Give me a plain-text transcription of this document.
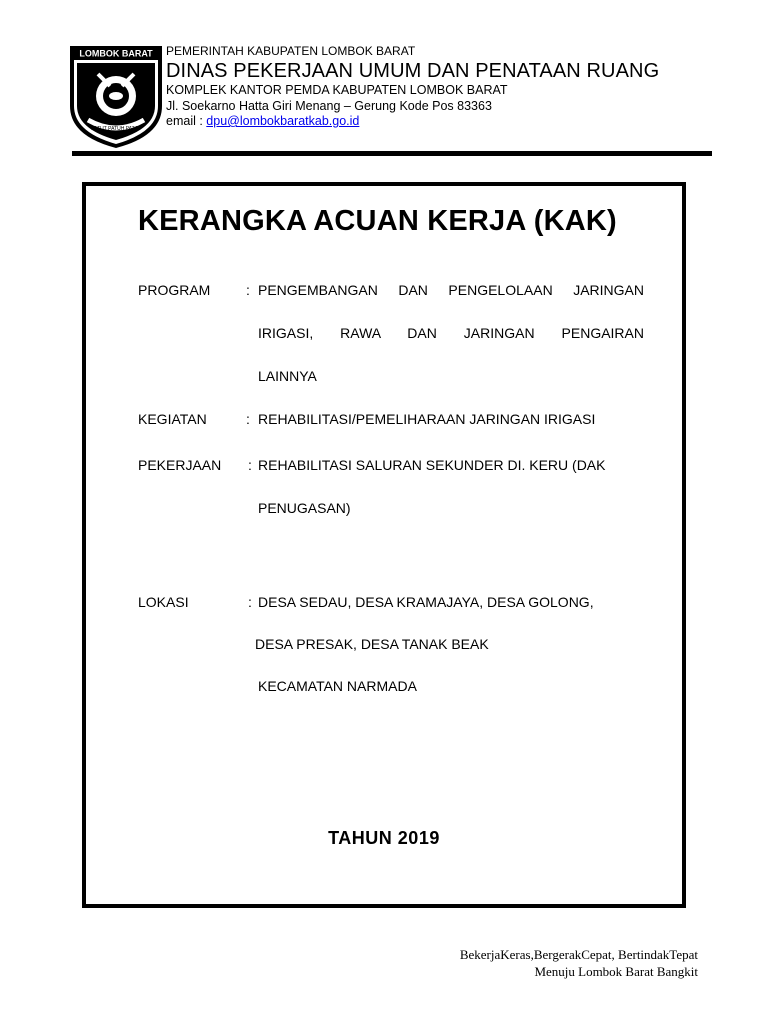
LOMBOK BARAT
PATUT PATUH PATJU
PEMERINTAH KABUPATEN LOMBOK BARAT
DINAS PEKERJAAN UMUM DAN PENATAAN RUANG
KOMPLEK KANTOR PEMDA KABUPATEN LOMBOK BARAT
Jl. Soekarno Hatta Giri Menang – Gerung Kode Pos 83363
email : dpu@lombokbaratkab.go.id
KERANGKA ACUAN KERJA (KAK)
PROGRAM	: PENGEMBANGAN DAN PENGELOLAAN JARINGAN
IRIGASI, RAWA DAN JARINGAN PENGAIRAN
LAINNYA
KEGIATAN	: REHABILITASI/PEMELIHARAAN JARINGAN IRIGASI
PEKERJAAN : REHABILITASI SALURAN SEKUNDER DI. KERU (DAK
PENUGASAN)
LOKASI	: DESA SEDAU, DESA KRAMAJAYA, DESA GOLONG,
DESA PRESAK, DESA TANAK BEAK
KECAMATAN NARMADA
TAHUN 2019
BekerjaKeras,BergerakCepat, BertindakTepat
Menuju Lombok Barat Bangkit
